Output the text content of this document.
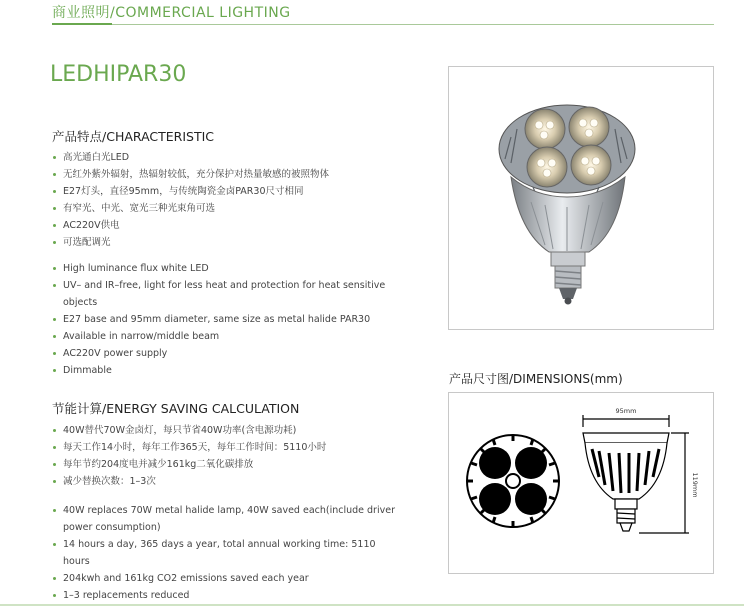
商业照明/COMMERCIAL LIGHTING
LEDHIPAR30
产品特点/CHARACTERISTIC
高光通白光LED
无红外紫外辐射，热辐射较低，充分保护对热量敏感的被照物体
E27灯头，直径95mm，与传统陶瓷金卤PAR30尺寸相同
有窄光、中光、宽光三种光束角可选
AC220V供电
可选配调光
High luminance flux white LED
UV– and IR–free, light for less heat and protection for heat sensitive objects
E27 base and 95mm diameter, same size as metal halide PAR30
Available in narrow/middle beam
AC220V power supply
Dimmable
节能计算/ENERGY SAVING CALCULATION
40W替代70W金卤灯，每只节省40W功率(含电源功耗)
每天工作14小时，每年工作365天，每年工作时间：5110小时
每年节约204度电并减少161kg二氧化碳排放
减少替换次数：1–3次
40W replaces 70W metal halide lamp, 40W saved each(include driver power consumption)
14 hours a day, 365 days a year, total annual working time: 5110 hours
204kwh and 161kg CO2 emissions saved each year
1–3 replacements reduced
产品尺寸图/DIMENSIONS(mm)
95mm
119mm
